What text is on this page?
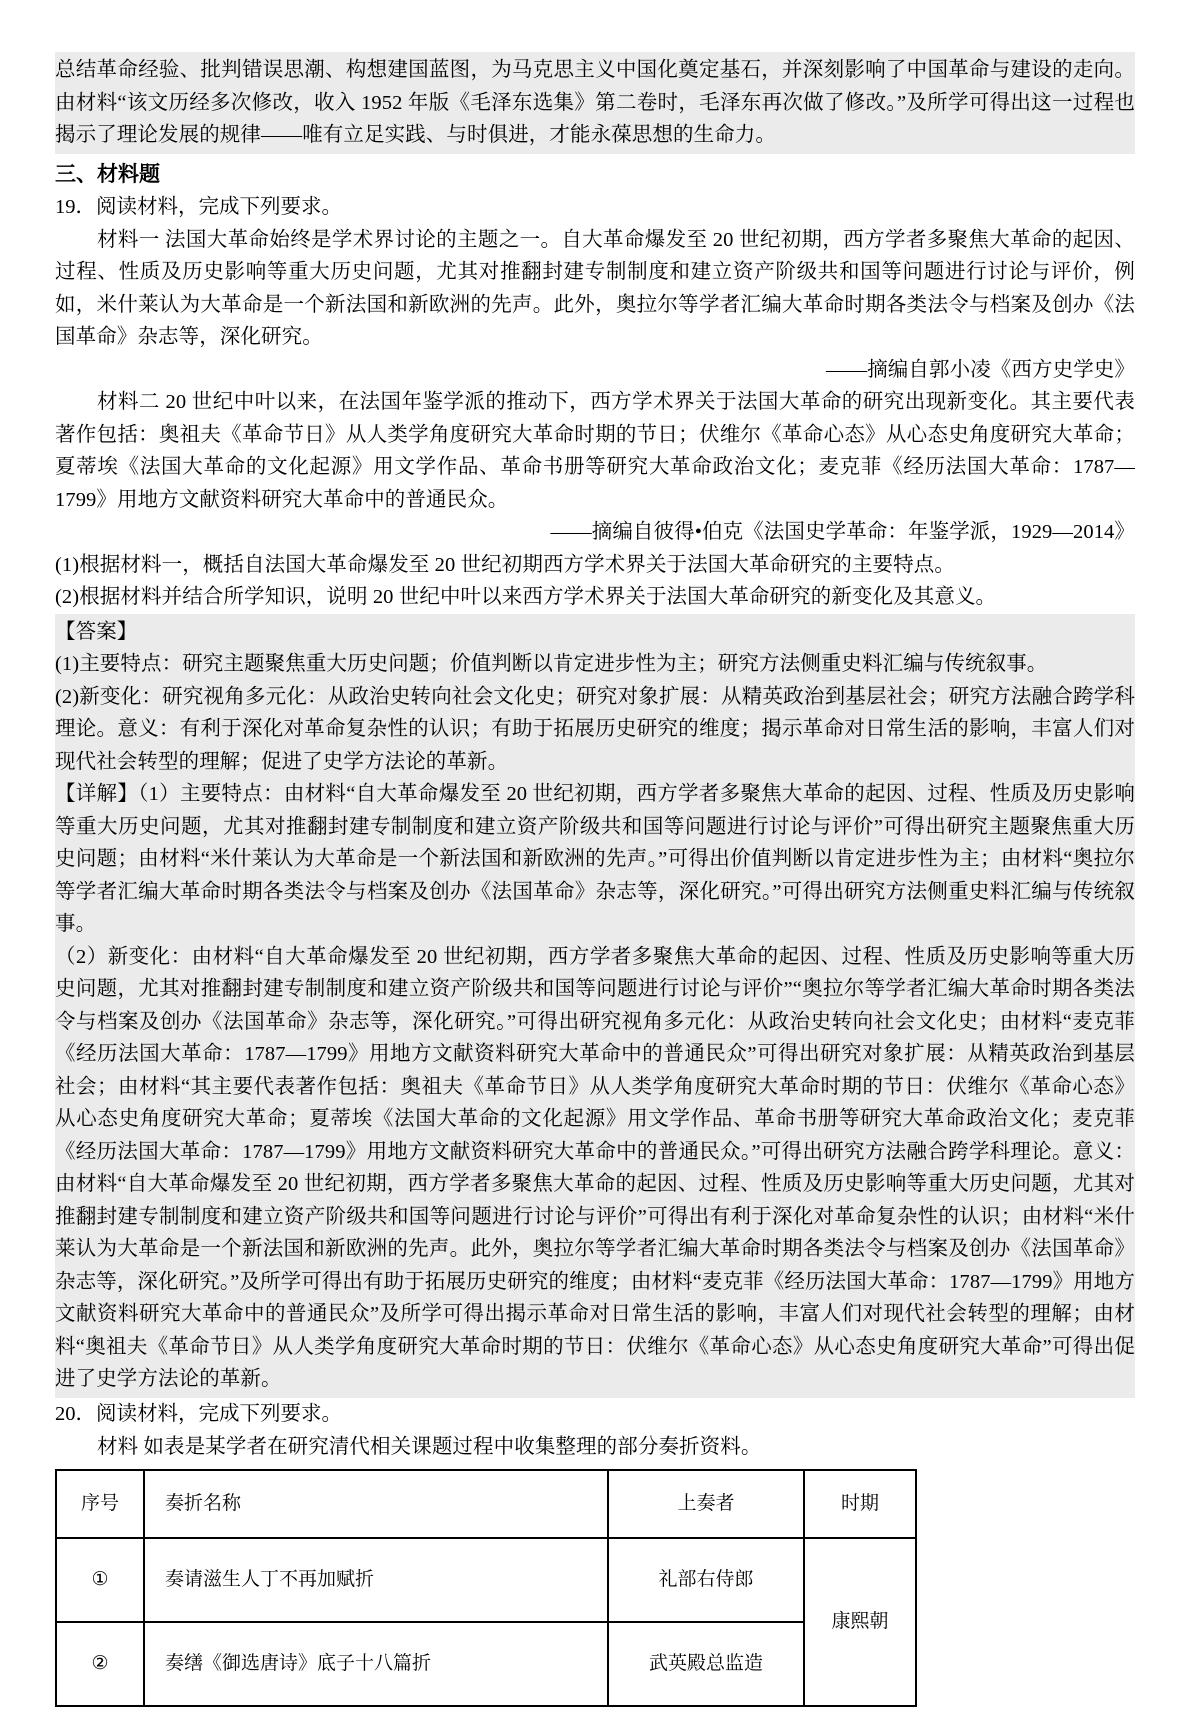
总结革命经验、批判错误思潮、构想建国蓝图，为马克思主义中国化奠定基石，并深刻影响了中国革命与建设的走向。由材料“该文历经多次修改，收入 1952 年版《毛泽东选集》第二卷时，毛泽东再次做了修改。”及所学可得出这一过程也揭示了理论发展的规律——唯有立足实践、与时俱进，才能永葆思想的生命力。

三、材料题

19．阅读材料，完成下列要求。

材料一 法国大革命始终是学术界讨论的主题之一。自大革命爆发至 20 世纪初期，西方学者多聚焦大革命的起因、过程、性质及历史影响等重大历史问题，尤其对推翻封建专制制度和建立资产阶级共和国等问题进行讨论与评价，例如，米什莱认为大革命是一个新法国和新欧洲的先声。此外，奥拉尔等学者汇编大革命时期各类法令与档案及创办《法国革命》杂志等，深化研究。

——摘编自郭小凌《西方史学史》

材料二 20 世纪中叶以来，在法国年鉴学派的推动下，西方学术界关于法国大革命的研究出现新变化。其主要代表著作包括：奥祖夫《革命节日》从人类学角度研究大革命时期的节日；伏维尔《革命心态》从心态史角度研究大革命；夏蒂埃《法国大革命的文化起源》用文学作品、革命书册等研究大革命政治文化；麦克菲《经历法国大革命：1787—1799》用地方文献资料研究大革命中的普通民众。

——摘编自彼得•伯克《法国史学革命：年鉴学派，1929—2014》

(1)根据材料一，概括自法国大革命爆发至 20 世纪初期西方学术界关于法国大革命研究的主要特点。

(2)根据材料并结合所学知识，说明 20 世纪中叶以来西方学术界关于法国大革命研究的新变化及其意义。

【答案】

(1)主要特点：研究主题聚焦重大历史问题；价值判断以肯定进步性为主；研究方法侧重史料汇编与传统叙事。

(2)新变化：研究视角多元化：从政治史转向社会文化史；研究对象扩展：从精英政治到基层社会；研究方法融合跨学科理论。意义：有利于深化对革命复杂性的认识；有助于拓展历史研究的维度；揭示革命对日常生活的影响，丰富人们对现代社会转型的理解；促进了史学方法论的革新。

【详解】（1）主要特点：由材料“自大革命爆发至 20 世纪初期，西方学者多聚焦大革命的起因、过程、性质及历史影响等重大历史问题，尤其对推翻封建专制制度和建立资产阶级共和国等问题进行讨论与评价”可得出研究主题聚焦重大历史问题；由材料“米什莱认为大革命是一个新法国和新欧洲的先声。”可得出价值判断以肯定进步性为主；由材料“奥拉尔等学者汇编大革命时期各类法令与档案及创办《法国革命》杂志等，深化研究。”可得出研究方法侧重史料汇编与传统叙事。

（2）新变化：由材料“自大革命爆发至 20 世纪初期，西方学者多聚焦大革命的起因、过程、性质及历史影响等重大历史问题，尤其对推翻封建专制制度和建立资产阶级共和国等问题进行讨论与评价”“奥拉尔等学者汇编大革命时期各类法令与档案及创办《法国革命》杂志等，深化研究。”可得出研究视角多元化：从政治史转向社会文化史；由材料“麦克菲《经历法国大革命：1787—1799》用地方文献资料研究大革命中的普通民众”可得出研究对象扩展：从精英政治到基层社会；由材料“其主要代表著作包括：奥祖夫《革命节日》从人类学角度研究大革命时期的节日：伏维尔《革命心态》从心态史角度研究大革命；夏蒂埃《法国大革命的文化起源》用文学作品、革命书册等研究大革命政治文化；麦克菲《经历法国大革命：1787—1799》用地方文献资料研究大革命中的普通民众。”可得出研究方法融合跨学科理论。意义：由材料“自大革命爆发至 20 世纪初期，西方学者多聚焦大革命的起因、过程、性质及历史影响等重大历史问题，尤其对推翻封建专制制度和建立资产阶级共和国等问题进行讨论与评价”可得出有利于深化对革命复杂性的认识；由材料“米什莱认为大革命是一个新法国和新欧洲的先声。此外，奥拉尔等学者汇编大革命时期各类法令与档案及创办《法国革命》杂志等，深化研究。”及所学可得出有助于拓展历史研究的维度；由材料“麦克菲《经历法国大革命：1787—1799》用地方文献资料研究大革命中的普通民众”及所学可得出揭示革命对日常生活的影响，丰富人们对现代社会转型的理解；由材料“奥祖夫《革命节日》从人类学角度研究大革命时期的节日：伏维尔《革命心态》从心态史角度研究大革命”可得出促进了史学方法论的革新。

20．阅读材料，完成下列要求。

材料 如表是某学者在研究清代相关课题过程中收集整理的部分奏折资料。

序号	奏折名称	上奏者	时期
①	奏请滋生人丁不再加赋折	礼部右侍郎	康熙朝
②	奏缮《御选唐诗》底子十八篇折	武英殿总监造	
